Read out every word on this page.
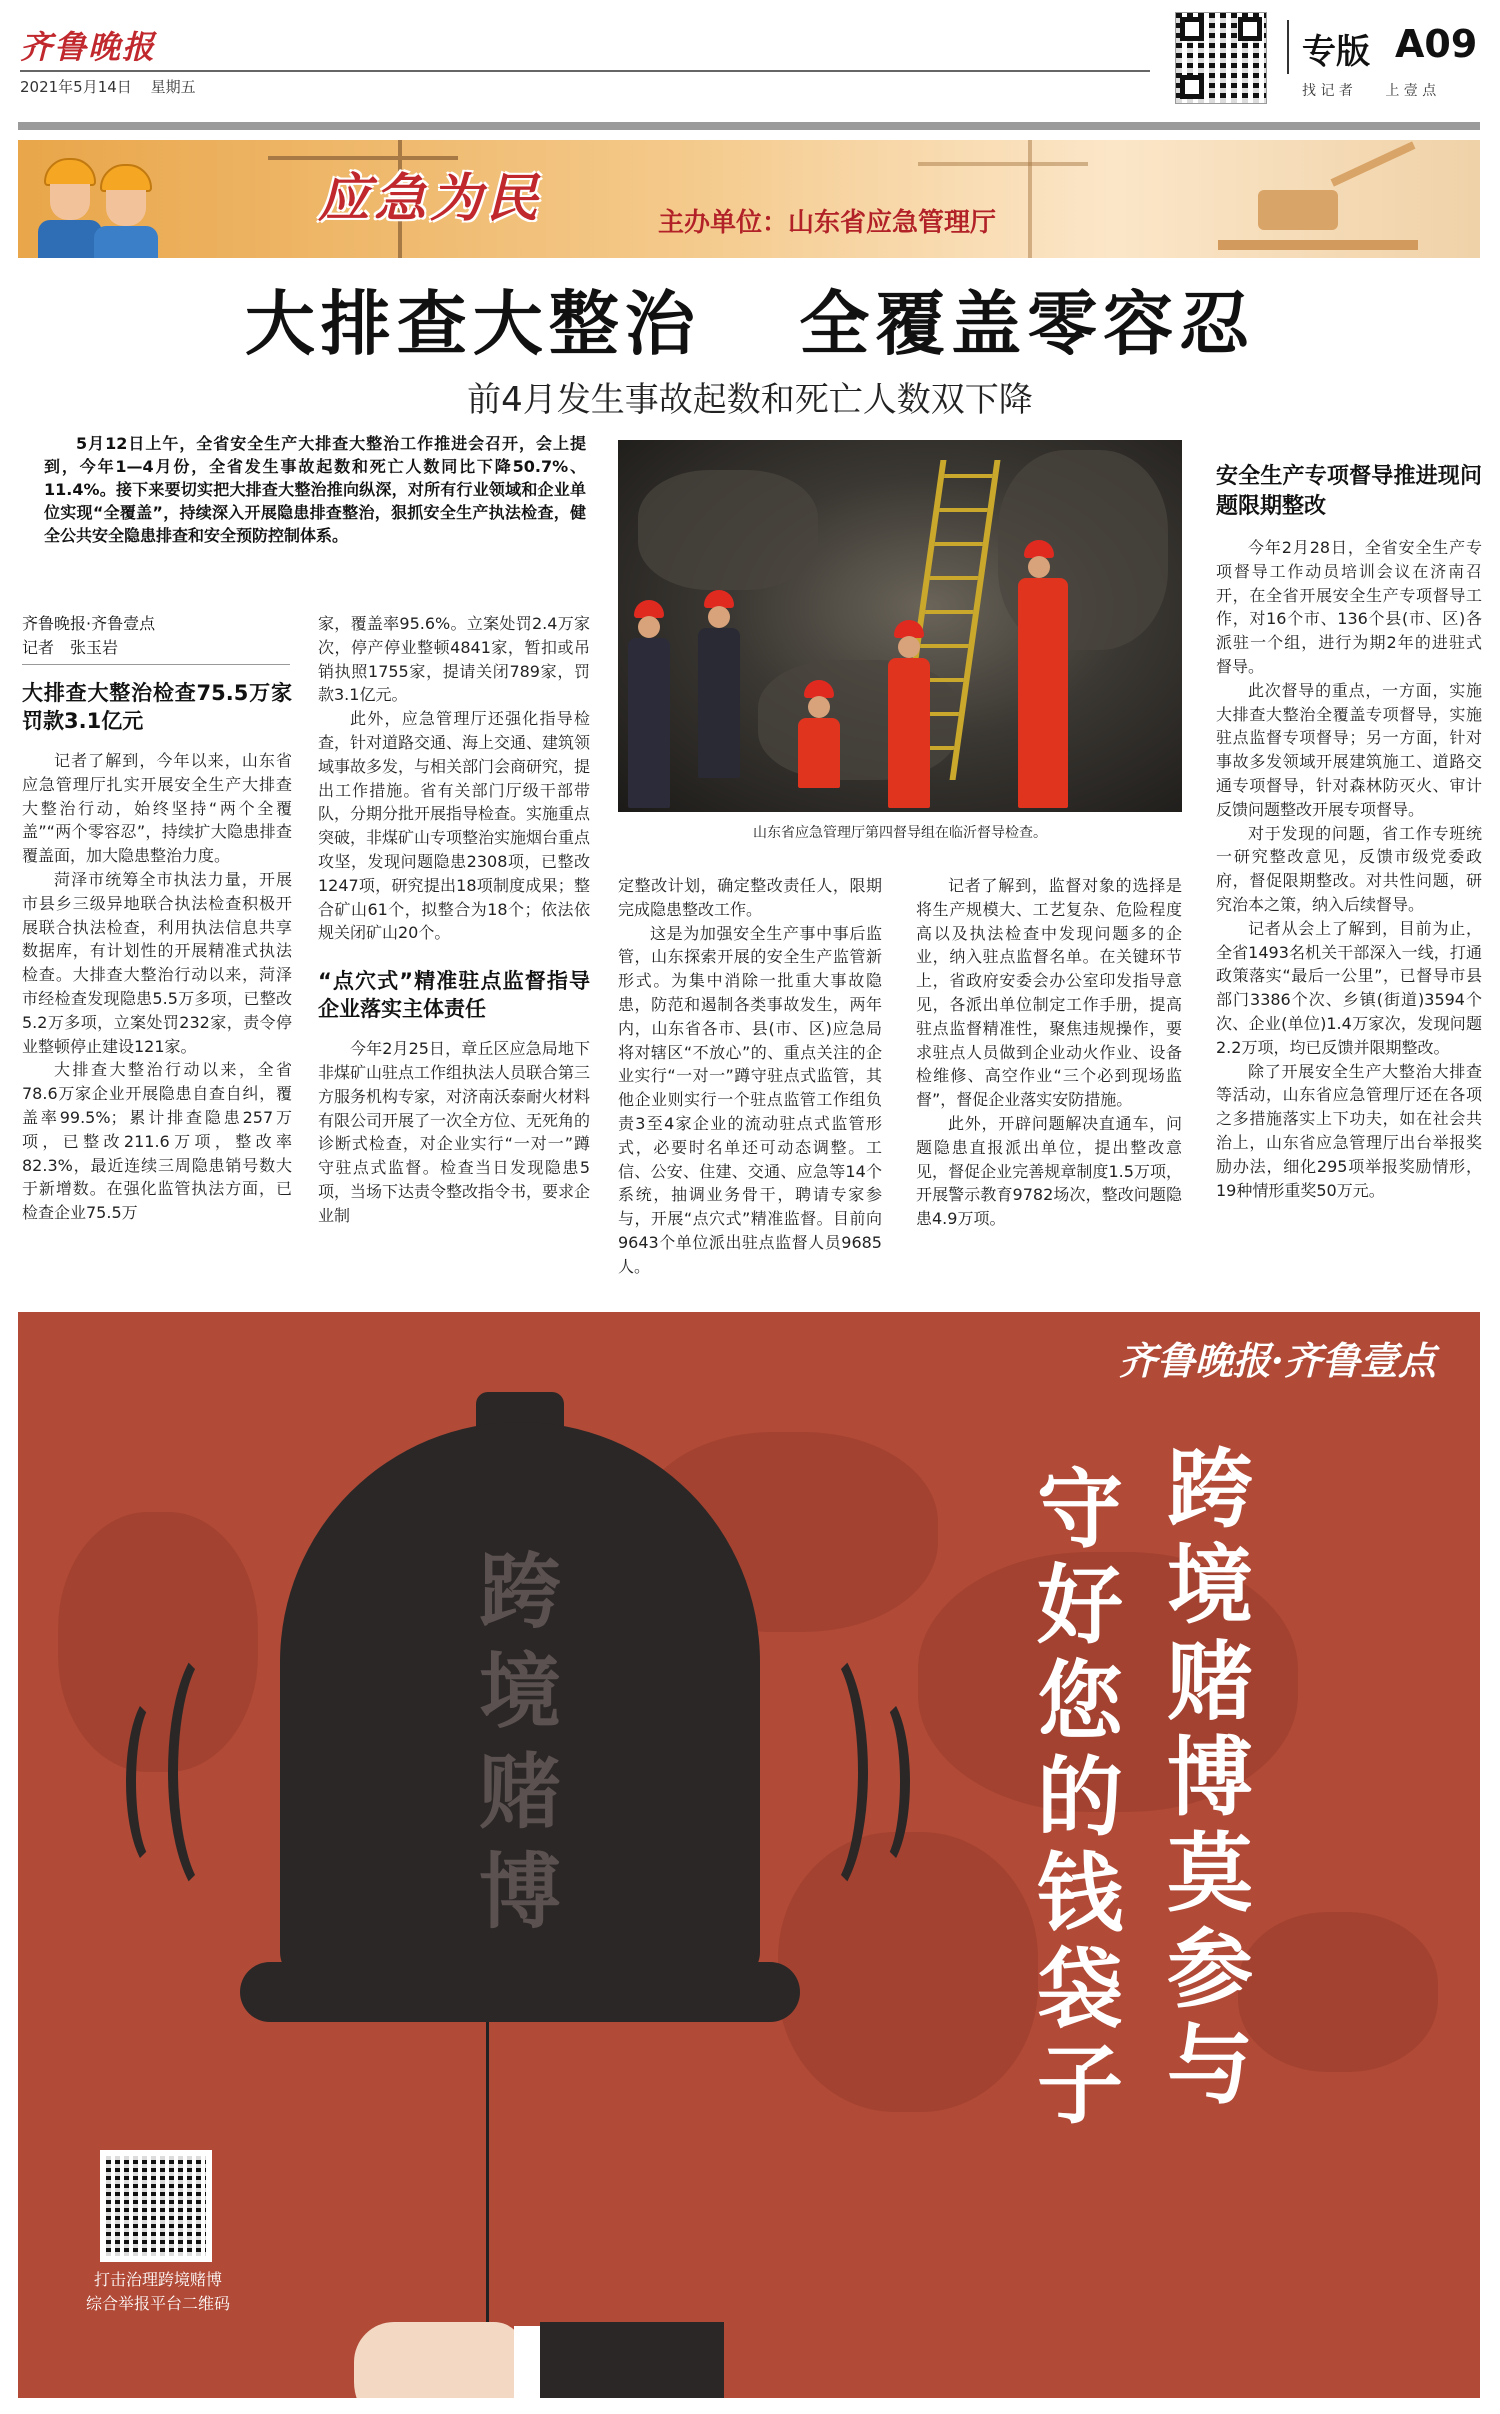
齐鲁晚报
2021年5月14日 星期五
专版 A09
找 记 者 上 壹 点
应急为民	主办单位：山东省应急管理厅
大排查大整治 全覆盖零容忍
前4月发生事故起数和死亡人数双下降
5月12日上午，全省安全生产大排查大整治工作推进会召开，会上提到，今年1—4月份，全省发生事故起数和死亡人数同比下降50.7%、11.4%。接下来要切实把大排查大整治推向纵深，对所有行业领域和企业单位实现“全覆盖”，持续深入开展隐患排查整治，狠抓安全生产执法检查，健全公共安全隐患排查和安全预防控制体系。
齐鲁晚报·齐鲁壹点
记者　张玉岩
大排查大整治检查75.5万家罚款3.1亿元

记者了解到，今年以来，山东省应急管理厅扎实开展安全生产大排查大整治行动，始终坚持“两个全覆盖”“两个零容忍”，持续扩大隐患排查覆盖面，加大隐患整治力度。

菏泽市统筹全市执法力量，开展市县乡三级异地联合执法检查积极开展联合执法检查，利用执法信息共享数据库，有计划性的开展精准式执法检查。大排查大整治行动以来，菏泽市经检查发现隐患5.5万多项，已整改5.2万多项，立案处罚232家，责令停业整顿停止建设121家。

大排查大整治行动以来，全省78.6万家企业开展隐患自查自纠，覆盖率99.5%；累计排查隐患257万项，已整改211.6万项，整改率82.3%，最近连续三周隐患销号数大于新增数。在强化监管执法方面，已检查企业75.5万

家，覆盖率95.6%。立案处罚2.4万家次，停产停业整顿4841家，暂扣或吊销执照1755家，提请关闭789家，罚款3.1亿元。

此外，应急管理厅还强化指导检查，针对道路交通、海上交通、建筑领域事故多发，与相关部门会商研究，提出工作措施。省有关部门厅级干部带队，分期分批开展指导检查。实施重点突破，非煤矿山专项整治实施烟台重点攻坚，发现问题隐患2308项，已整改1247项，研究提出18项制度成果；整合矿山61个，拟整合为18个；依法依规关闭矿山20个。

“点穴式”精准驻点监督指导企业落实主体责任

今年2月25日，章丘区应急局地下非煤矿山驻点工作组执法人员联合第三方服务机构专家，对济南沃泰耐火材料有限公司开展了一次全方位、无死角的诊断式检查，对企业实行“一对一”蹲守驻点式监督。检查当日发现隐患5项，当场下达责令整改指令书，要求企业制

山东省应急管理厅第四督导组在临沂督导检查。

定整改计划，确定整改责任人，限期完成隐患整改工作。

这是为加强安全生产事中事后监管，山东探索开展的安全生产监管新形式。为集中消除一批重大事故隐患，防范和遏制各类事故发生，两年内，山东省各市、县(市、区)应急局将对辖区“不放心”的、重点关注的企业实行“一对一”蹲守驻点式监管，其他企业则实行一个驻点监管工作组负责3至4家企业的流动驻点式监管形式，必要时名单还可动态调整。工信、公安、住建、交通、应急等14个系统，抽调业务骨干，聘请专家参与，开展“点穴式”精准监督。目前向9643个单位派出驻点监督人员9685人。

记者了解到，监督对象的选择是将生产规模大、工艺复杂、危险程度高以及执法检查中发现问题多的企业，纳入驻点监督名单。在关键环节上，省政府安委会办公室印发指导意见，各派出单位制定工作手册，提高驻点监督精准性，聚焦违规操作，要求驻点人员做到企业动火作业、设备检维修、高空作业“三个必到现场监督”，督促企业落实安防措施。

此外，开辟问题解决直通车，问题隐患直报派出单位，提出整改意见，督促企业完善规章制度1.5万项，开展警示教育9782场次，整改问题隐患4.9万项。

安全生产专项督导推进现问题限期整改

今年2月28日，全省安全生产专项督导工作动员培训会议在济南召开，在全省开展安全生产专项督导工作，对16个市、136个县(市、区)各派驻一个组，进行为期2年的进驻式督导。

此次督导的重点，一方面，实施大排查大整治全覆盖专项督导，实施驻点监督专项督导；另一方面，针对事故多发领域开展建筑施工、道路交通专项督导，针对森林防灭火、审计反馈问题整改开展专项督导。

对于发现的问题，省工作专班统一研究整改意见，反馈市级党委政府，督促限期整改。对共性问题，研究治本之策，纳入后续督导。

记者从会上了解到，目前为止，全省1493名机关干部深入一线，打通政策落实“最后一公里”，已督导市县部门3386个次、乡镇(街道)3594个次、企业(单位)1.4万家次，发现问题2.2万项，均已反馈并限期整改。

除了开展安全生产大整治大排查等活动，山东省应急管理厅还在各项之多措施落实上下功夫，如在社会共治上，山东省应急管理厅出台举报奖励办法，细化295项举报奖励情形，19种情形重奖50万元。

齐鲁晚报·齐鲁壹点
跨境赌博
跨境赌博莫参与
守好您的钱袋子
打击治理跨境赌博
综合举报平台二维码
